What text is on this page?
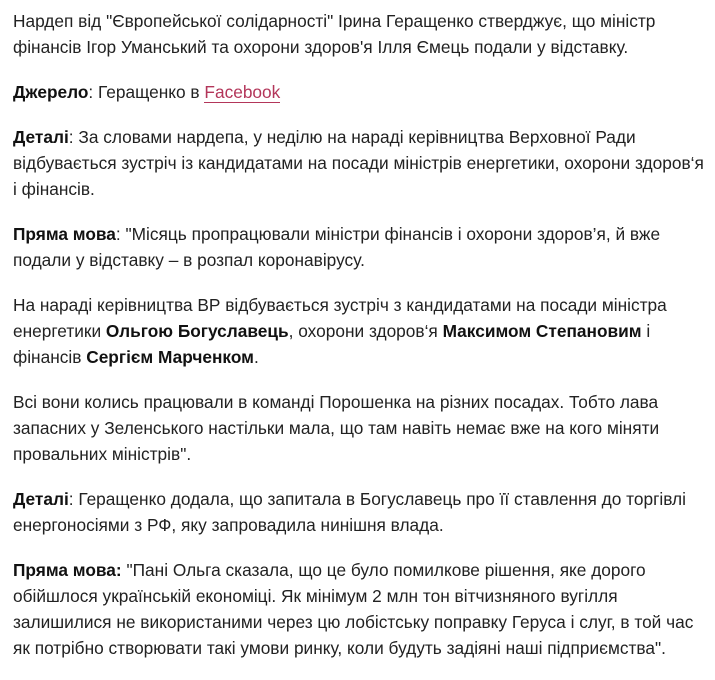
Нардеп від "Європейської солідарності" Ірина Геращенко стверджує, що міністр фінансів Ігор Уманський та охорони здоров'я Ілля Ємець подали у відставку.

Джерело: Геращенко в Facebook

Деталі: За словами нардепа, у неділю на нараді керівництва Верховної Ради відбувається зустріч із кандидатами на посади міністрів енергетики, охорони здоров‘я і фінансів.

Пряма мова: "Місяць пропрацювали міністри фінансів і охорони здоров’я, й вже подали у відставку – в розпал коронавірусу.

На нараді керівництва ВР відбувається зустріч з кандидатами на посади міністра енергетики Ольгою Богуславець, охорони здоров‘я Максимом Степановим і фінансів Сергієм Марченком.

Всі вони колись працювали в команді Порошенка на різних посадах. Тобто лава запасних у Зеленського настільки мала, що там навіть немає вже на кого міняти провальних міністрів".

Деталі: Геращенко додала, що запитала в Богуславець про її ставлення до торгівлі енергоносіями з РФ, яку запровадила нинішня влада.

Пряма мова: "Пані Ольга сказала, що це було помилкове рішення, яке дорого обійшлося українській економіці. Як мінімум 2 млн тон вітчизняного вугілля залишилися не використаними через цю лобістську поправку Геруса і слуг, в той час як потрібно створювати такі умови ринку, коли будуть задіяні наші підприємства".
